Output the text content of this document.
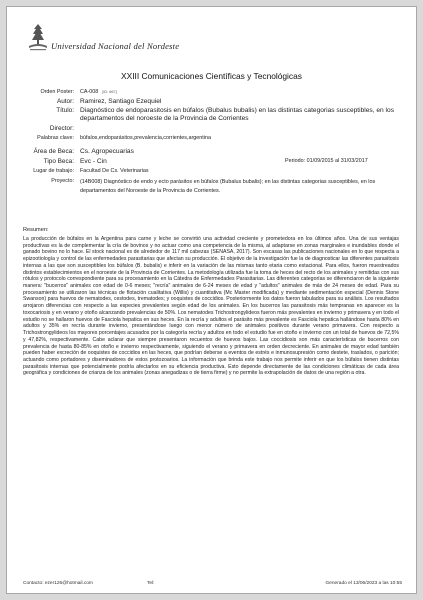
Universidad Nacional del Nordeste
XXIII Comunicaciones Científicas y Tecnológicas
Orden Poster: CA-008 [ID: 667]
Autor: Ramirez, Santiago Ezequiel
Título: Diagnóstico de endoparasitosis en búfalos (Bubalus bubalis) en las distintas categorias susceptibles, en los departamentos del noroeste de la Provincia de Corrientes
Director:
Palabras clave: búfalos,endoparásitos,prevalencia,corrientes,argentina
Área de Beca: Cs. Agropecuarias
Tipo Beca: Evc - Cin	Periodo: 01/09/2015 al 31/03/2017
Lugar de trabajo: Facultad De Cs. Veterinarias
Proyecto: (14B008) Diagnóstico de endo y ecto parásitos en búfalos (Bubalus bubalis); en las distintas categorias susceptibles, en los departamentos del Noroeste de la Provincia de Corrientes.
Resumen:
La producción de búfalos en la Argentina para carne y leche se convirtió una actividad creciente y prometedora en los últimos años. Una de sus ventajas productivas es la de complementar la cría de bovinos y no actuar como una competencia de la misma, al adaptarse en zonas marginales e inundables donde el ganado bovino no lo hace. El stock nacional es de alrededor de 117 mil cabezas (SENASA, 2017). Son escasas las publicaciones nacionales en lo que respecta a epizootiología y control de las enfermedades parasitarias que afectan su producción. El objetivo de la investigación fue la de diagnosticar las diferentes parasitosis internas a las que son susceptibles los búfalos (B. bubalis) e inferir en la variación de las mismas tanto etaria como estacional. Para ellos, fueron muestreados distintos establecimientos en el noroeste de la Provincia de Corrientes. La metodología utilizada fue la toma de heces del recto de los animales y remitidas con sus rótulos y protocolo correspondiente para su procesamiento en la Cátedra de Enfermedades Parasitarias. Las diferentes categorías se diferenciaron de la siguiente manera: "bucerros" animales con edad de 0-6 meses; "recría" animales de 6-24 meses de edad y "adultos" animales de más de 24 meses de edad. Para su procesamiento se utilizaron las técnicas de flotación cualitativa (Willis) y cuantitativa (Mc Master modificada) y mediante sedimentación especial (Dennis Stone Swanson) para huevos de nematodes, cestodes, trematodes; y ooquistes de coccidios. Posteriormente los datos fueron tabulados para su análisis. Los resultados arrojaron diferencias con respecto a las especies prevalentes según edad de los animales. En los bucerros las parasitosis más tempranas en aparecer es la toxocariosis y en verano y otoño alcanzando prevalencias de 50%. Los nematodes Trichostrongylideos fueron más prevalentes en invierno y primavera y en todo el estudio no se hallaron huevos de Fasciola hepatica en sus heces. En la recría y adultos el parásito más prevalente es Fasciola hepatica hallándose hasta 80% en adultos y 35% en recría durante invierno, presentándose luego con menor número de animales positivos durante verano primavera. Con respecto a Trichostrongylideos los mayores porcentajes acusados por la categoría recría y adultos en todo el estudio fue en otoño e invierno con un total de huevos de 72,5% y 47,82%, respectivamente. Cabe aclarar que siempre presentaron recuentos de huevos bajos. Las coccidiosis son más características de bucerros con prevalencia de hasta 80-85% en otoño e invierno respectivamente, siguiendo el verano y primavera en orden decreciente. En animales de mayor edad también pueden haber excreción de ooquistes de coccidios en las heces, que podrían deberse a eventos de estrés e inmunosupresión como destete, traslados, o parición; actuando como portadores y diseminadores de estos protozoarios. La información que brinda este trabajo nos permite inferir en que los búfalos tienen distintas parasitosis internas que potencialmente podría afectarlos en su eficiencia productiva. Esto depende directamente de las condiciones climáticas de cada área geográfica y condiciones de crianza de los animales (zonas anegadizas o de tierra firme) y no permite la extrapolación de datos de una región a otra.
Contacto: ezer126@hotmail.com	Tel:	Generado el 13/06/2023 a las 10:55
